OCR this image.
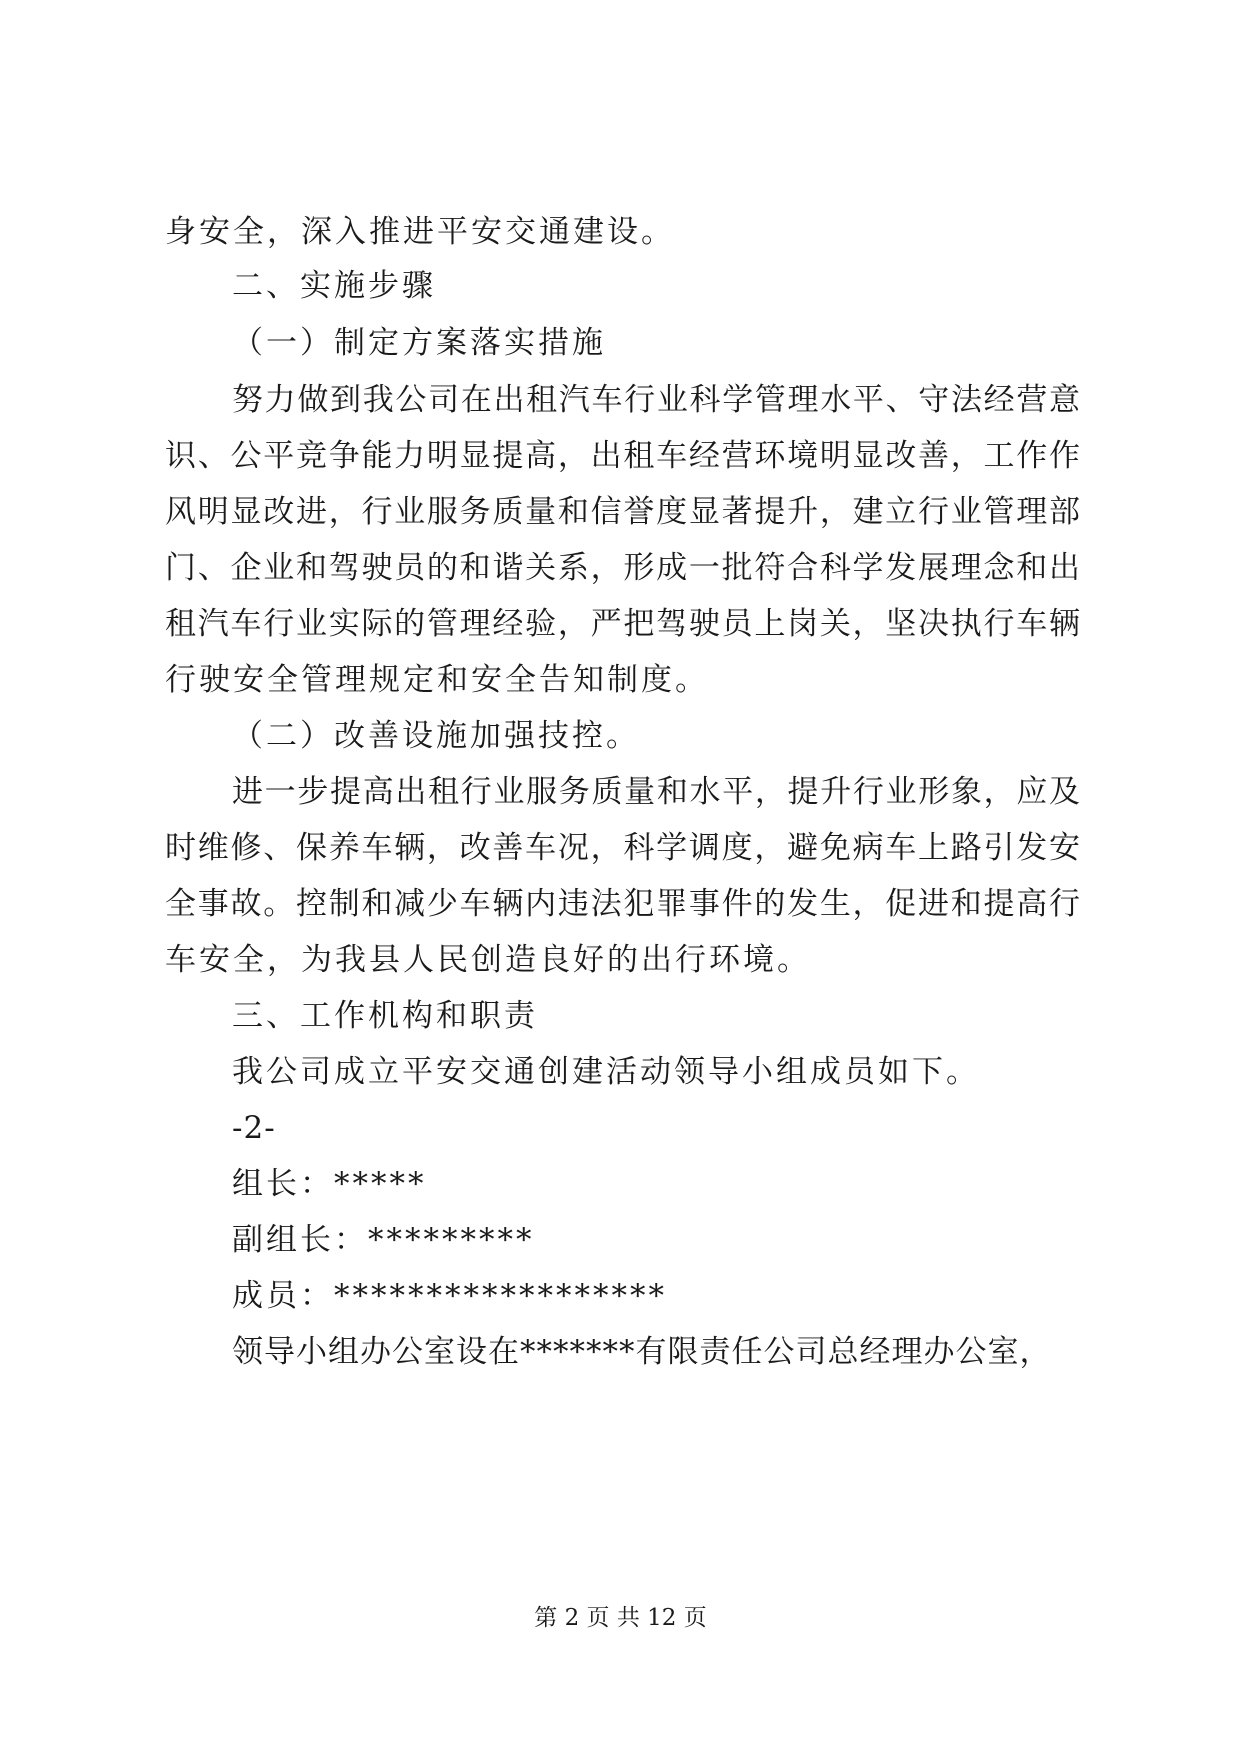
身安全，深入推进平安交通建设。
二、实施步骤
（一）制定方案落实措施
努力做到我公司在出租汽车行业科学管理水平、守法经营意
识、公平竞争能力明显提高，出租车经营环境明显改善，工作作
风明显改进，行业服务质量和信誉度显著提升，建立行业管理部
门、企业和驾驶员的和谐关系，形成一批符合科学发展理念和出
租汽车行业实际的管理经验，严把驾驶员上岗关，坚决执行车辆
行驶安全管理规定和安全告知制度。
（二）改善设施加强技控。
进一步提高出租行业服务质量和水平，提升行业形象，应及
时维修、保养车辆，改善车况，科学调度，避免病车上路引发安
全事故。控制和减少车辆内违法犯罪事件的发生，促进和提高行
车安全，为我县人民创造良好的出行环境。
三、工作机构和职责
我公司成立平安交通创建活动领导小组成员如下。
-2-
组长：*****
副组长：*********
成员：******************
领导小组办公室设在*******有限责任公司总经理办公室，
第 2 页 共 12 页
